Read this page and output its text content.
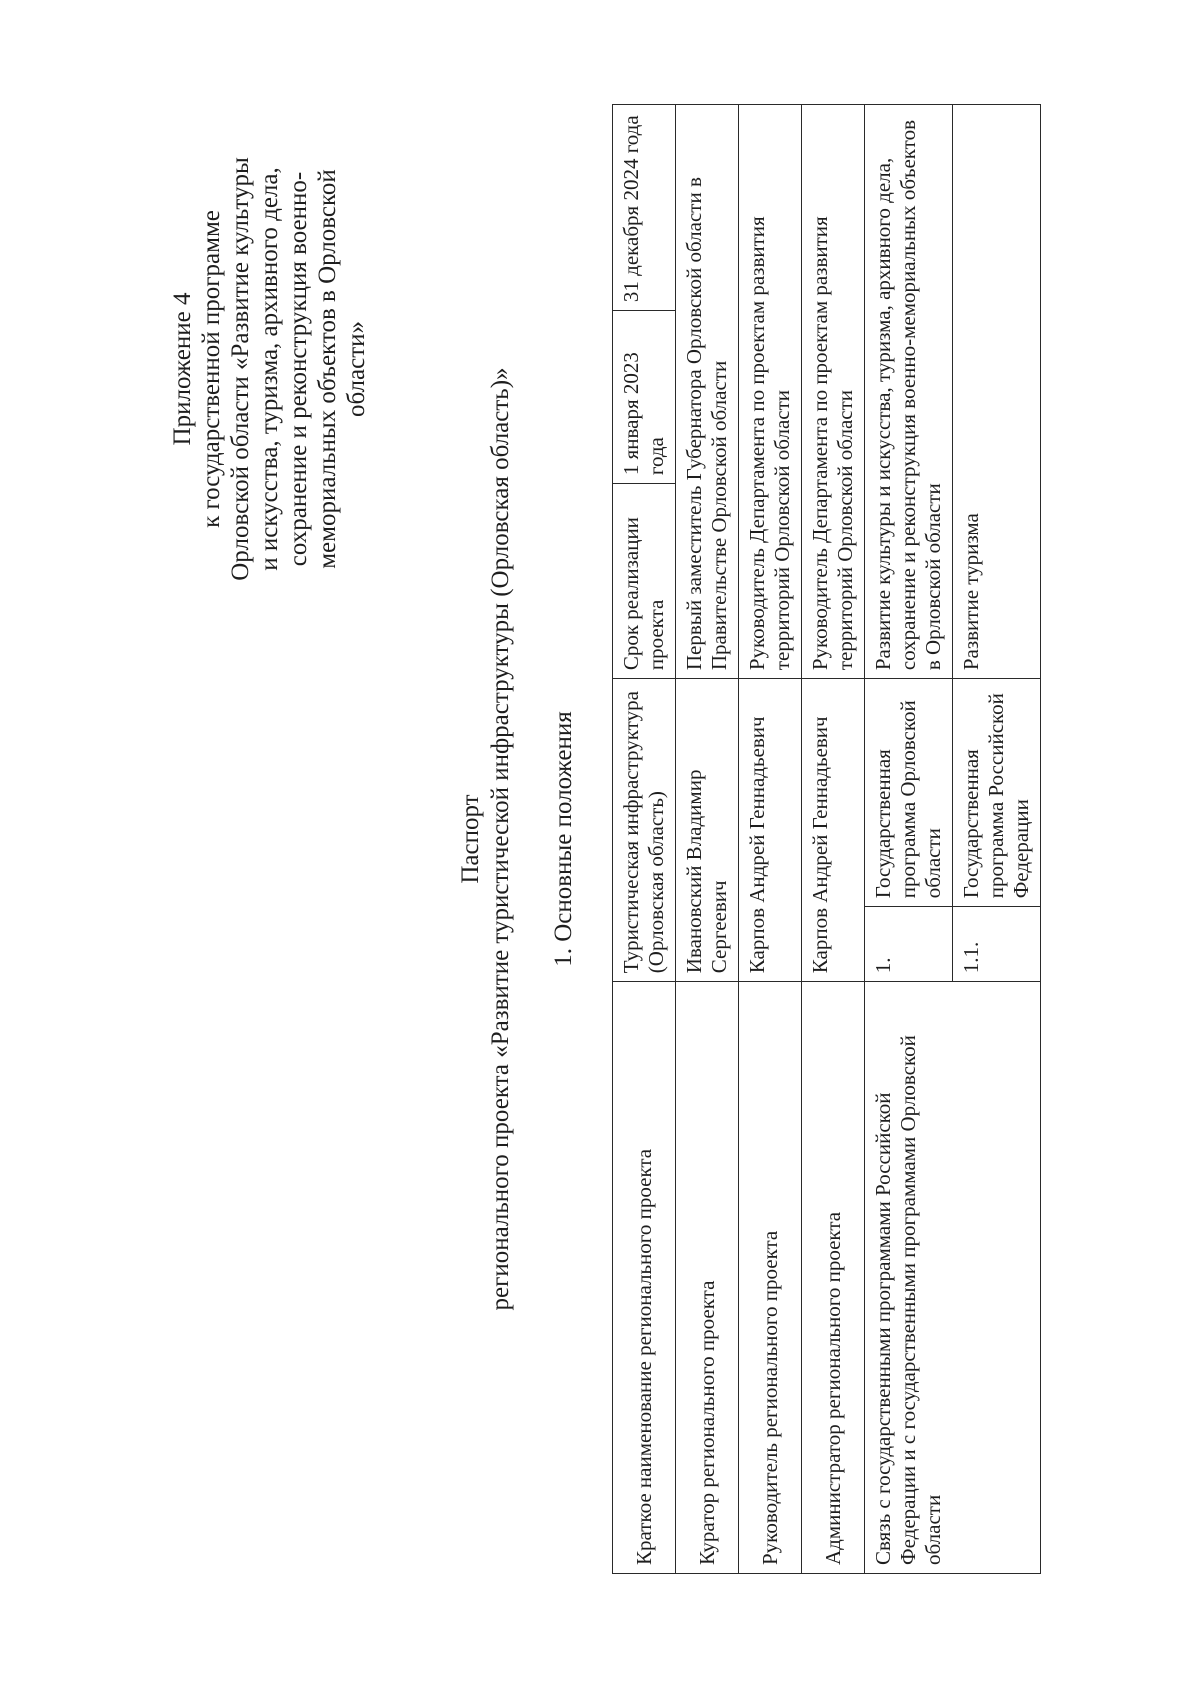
Приложение 4 к государственной программе Орловской области «Развитие культуры и искусства, туризма, архивного дела, сохранение и реконструкция военно- мемориальных объектов в Орловской области»
Паспорт регионального проекта «Развитие туристической инфраструктуры (Орловская область)» 1. Основные положения
Краткое наименование регионального проекта	Туристическая инфраструктура (Орловская область)		Срок реализации проекта	1 января 2023 года	31 декабря 2024 года
Куратор регионального проекта	Ивановский Владимир Сергеевич		Первый заместитель Губернатора Орловской области в Правительстве Орловской области		
Руководитель регионального проекта	Карпов Андрей Геннадьевич		Руководитель Департамента по проектам развития территорий Орловской области		
Администратор регионального проекта	Карпов Андрей Геннадьевич		Руководитель Департамента по проектам развития территорий Орловской области		
Связь с государственными программами Российской Федерации и с государственными программами Орловской области	1.	Государственная программа Орловской области	Развитие культуры и искусства, туризма, архивного дела, сохранение и реконструкция военно-мемориальных объектов в Орловской области		
	1.1.	Государственная программа Российской Федерации	Развитие туризма		
